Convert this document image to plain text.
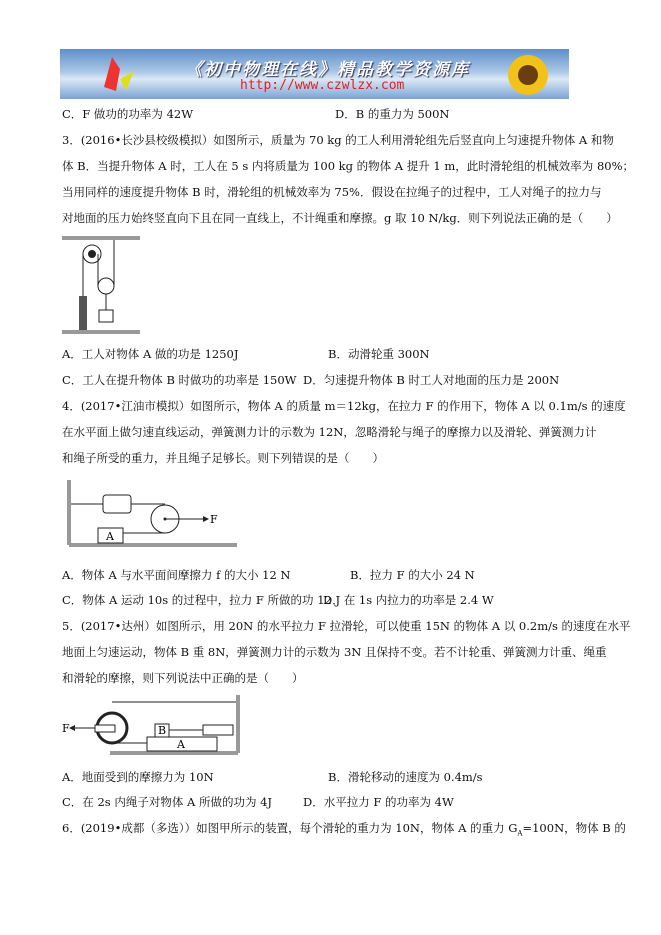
《初中物理在线》精品教学资源库
http://www.czwlzx.com
C．F 做功的功率为 42W	D．B 的重力为 500N
3．(2016•长沙县校级模拟）如图所示，质量为 70 kg 的工人利用滑轮组先后竖直向上匀速提升物体 A 和物
体 B．当提升物体 A 时，工人在 5 s 内将质量为 100 kg 的物体 A 提升 1 m，此时滑轮组的机械效率为 80%；
当用同样的速度提升物体 B 时，滑轮组的机械效率为 75%．假设在拉绳子的过程中，工人对绳子的拉力与
对地面的压力始终竖直向下且在同一直线上，不计绳重和摩擦。g 取 10 N/kg．则下列说法正确的是（　　）
A．工人对物体 A 做的功是 1250J	B．动滑轮重 300N
C．工人在提升物体 B 时做功的功率是 150W D．匀速提升物体 B 时工人对地面的压力是 200N
4．(2017•江油市模拟）如图所示，物体 A 的质量 m＝12kg，在拉力 F 的作用下，物体 A 以 0.1m/s 的速度
在水平面上做匀速直线运动，弹簧测力计的示数为 12N，忽略滑轮与绳子的摩擦力以及滑轮、弹簧测力计
和绳子所受的重力，并且绳子足够长。则下列错误的是（　　）
F
A
A．物体 A 与水平面间摩擦力 f 的大小 12 N	B．拉力 F 的大小 24 N
C．物体 A 运动 10s 的过程中，拉力 F 所做的功 12 J
D．在 1s 内拉力的功率是 2.4 W
5．(2017•达州）如图所示，用 20N 的水平拉力 F 拉滑轮，可以使重 15N 的物体 A 以 0.2m/s 的速度在水平
地面上匀速运动，物体 B 重 8N，弹簧测力计的示数为 3N 且保持不变。若不计轮重、弹簧测力计重、绳重
和滑轮的摩擦，则下列说法中正确的是（　　）
F
A
B
A．地面受到的摩擦力为 10N	B．滑轮移动的速度为 0.4m/s
C．在 2s 内绳子对物体 A 所做的功为 4J	D．水平拉力 F 的功率为 4W
6．(2019•成都（多选））如图甲所示的装置，每个滑轮的重力为 10N，物体 A 的重力 $G_A=100N$，物体 B 的
